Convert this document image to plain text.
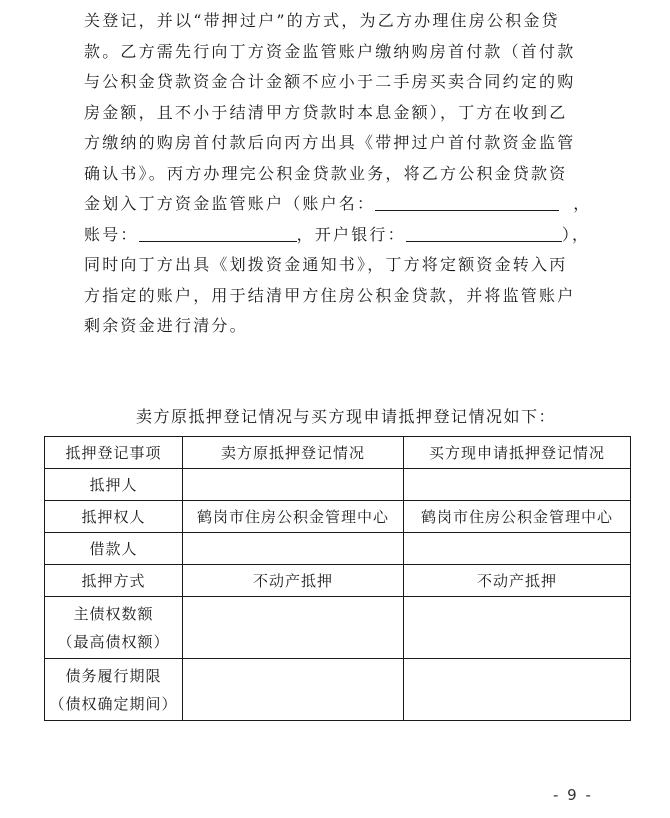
关登记，并以“带押过户”的方式，为乙方办理住房公积金贷

款。乙方需先行向丁方资金监管账户缴纳购房首付款（首付款

与公积金贷款资金合计金额不应小于二手房买卖合同约定的购

房金额，且不小于结清甲方贷款时本息金额），丁方在收到乙

方缴纳的购房首付款后向丙方出具《带押过户首付款资金监管

确认书》。丙方办理完公积金贷款业务，将乙方公积金贷款资

金划入丁方资金监管账户（账户名：	，

账号：	，开户银行：	），

同时向丁方出具《划拨资金通知书》，丁方将定额资金转入丙

方指定的账户，用于结清甲方住房公积金贷款，并将监管账户

剩余资金进行清分。

卖方原抵押登记情况与买方现申请抵押登记情况如下：
抵押登记事项	卖方原抵押登记情况	买方现申请抵押登记情况
抵押人		
抵押权人	鹤岗市住房公积金管理中心	鹤岗市住房公积金管理中心
借款人		
抵押方式	不动产抵押	不动产抵押

主债权数额
（最高债权额）		

债务履行期限
（债权确定期间）		

- 9 -
